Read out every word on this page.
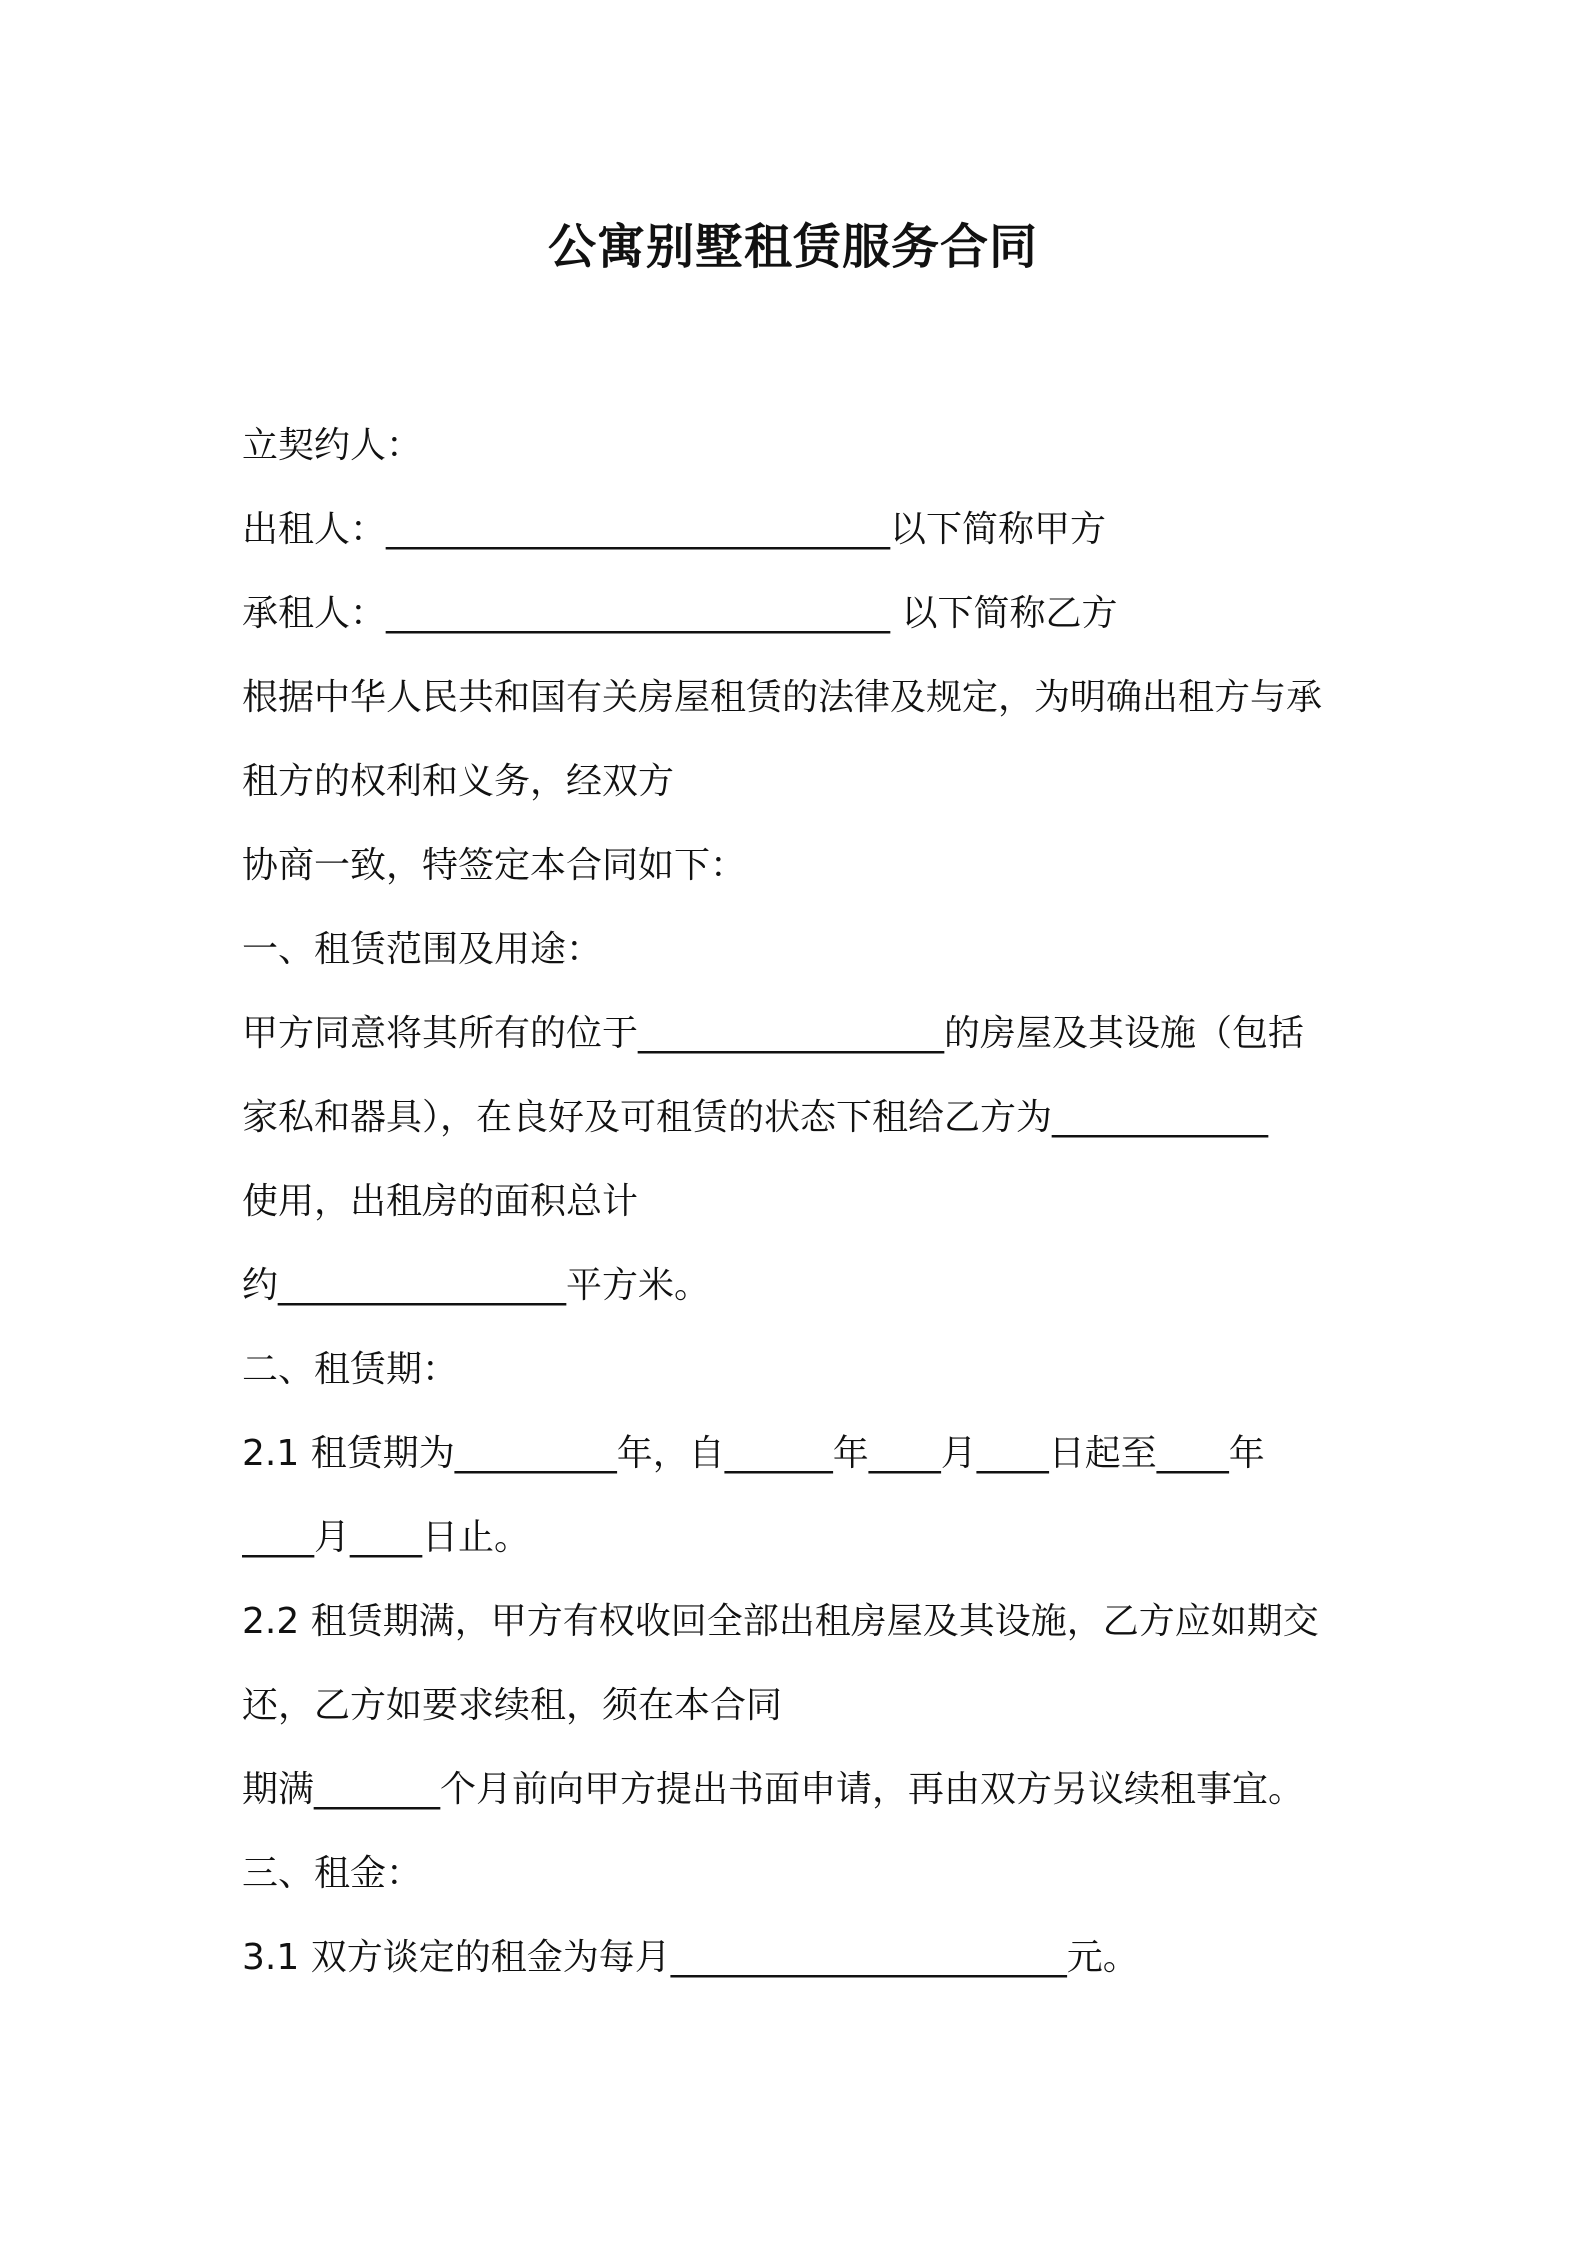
公寓别墅租赁服务合同
立契约人：
出租人：____________________________以下简称甲方
承租人：____________________________ 以下简称乙方
根据中华人民共和国有关房屋租赁的法律及规定，为明确出租方与承
租方的权利和义务，经双方
协商一致，特签定本合同如下：
一、租赁范围及用途：
甲方同意将其所有的位于_________________的房屋及其设施（包括
家私和器具），在良好及可租赁的状态下租给乙方为____________
使用，出租房的面积总计
约________________平方米。
二、租赁期：
2.1 租赁期为_________年，自______年____月____日起至____年
____月____日止。
2.2 租赁期满，甲方有权收回全部出租房屋及其设施，乙方应如期交
还，乙方如要求续租，须在本合同
期满_______个月前向甲方提出书面申请，再由双方另议续租事宜。
三、租金：
3.1 双方谈定的租金为每月______________________元。
